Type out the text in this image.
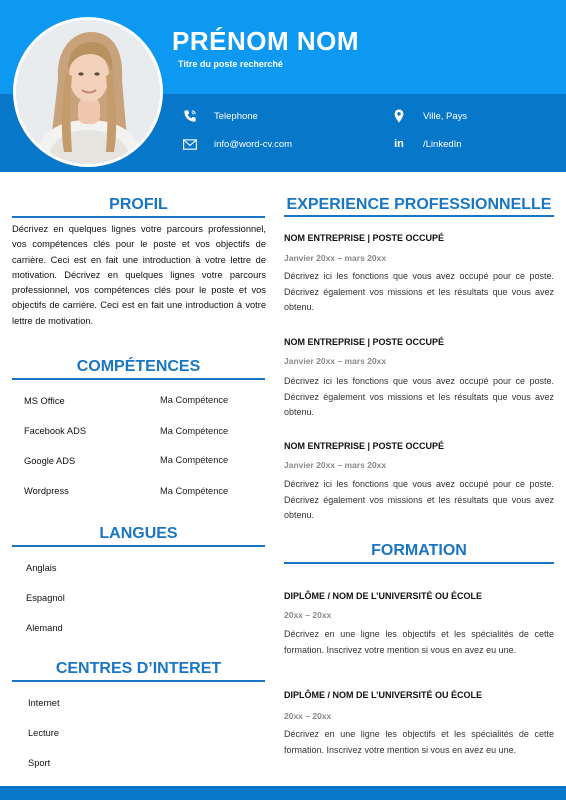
PRÉNOM NOM
Titre du poste recherché
Telephone	Ville, Pays
info@word-cv.com	in /LinkedIn
PROFIL
Décrivez en quelques lignes votre parcours professionnel, vos compétences clés pour le poste et vos objectifs de carrière. Ceci est en fait une introduction à votre lettre de motivation. Décrivez en quelques lignes votre parcours professionnel, vos compétences clés pour le poste et vos objectifs de carrière. Ceci est en fait une introduction à votre lettre de motivation.
COMPÉTENCES
MS Office	Ma Compétence
Facebook ADS	Ma Compétence
Google ADS	Ma Compétence
Wordpress	Ma Compétence
LANGUES
Anglais
Espagnol
Alemand
CENTRES D’INTERET
Internet
Lecture
Sport
EXPERIENCE PROFESSIONNELLE
NOM ENTREPRISE | POSTE OCCUPÉ
Janvier 20xx – mars 20xx
Décrivez ici les fonctions que vous avez occupé pour ce poste. Décrivez également vos missions et les résultats que vous avez obtenu.
NOM ENTREPRISE | POSTE OCCUPÉ
Janvier 20xx – mars 20xx
Décrivez ici les fonctions que vous avez occupé pour ce poste. Décrivez également vos missions et les résultats que vous avez obtenu.
NOM ENTREPRISE | POSTE OCCUPÉ
Janvier 20xx – mars 20xx
Décrivez ici les fonctions que vous avez occupé pour ce poste. Décrivez également vos missions et les résultats que vous avez obtenu.
FORMATION
DIPLÔME / NOM DE L’UNIVERSITÉ OU ÉCOLE
20xx – 20xx
Décrivez en une ligne les objectifs et les spécialités de cette formation. Inscrivez votre mention si vous en avez eu une.
DIPLÔME / NOM DE L’UNIVERSITÉ OU ÉCOLE
20xx – 20xx
Décrivez en une ligne les objectifs et les spécialités de cette formation. Inscrivez votre mention si vous en avez eu une.
